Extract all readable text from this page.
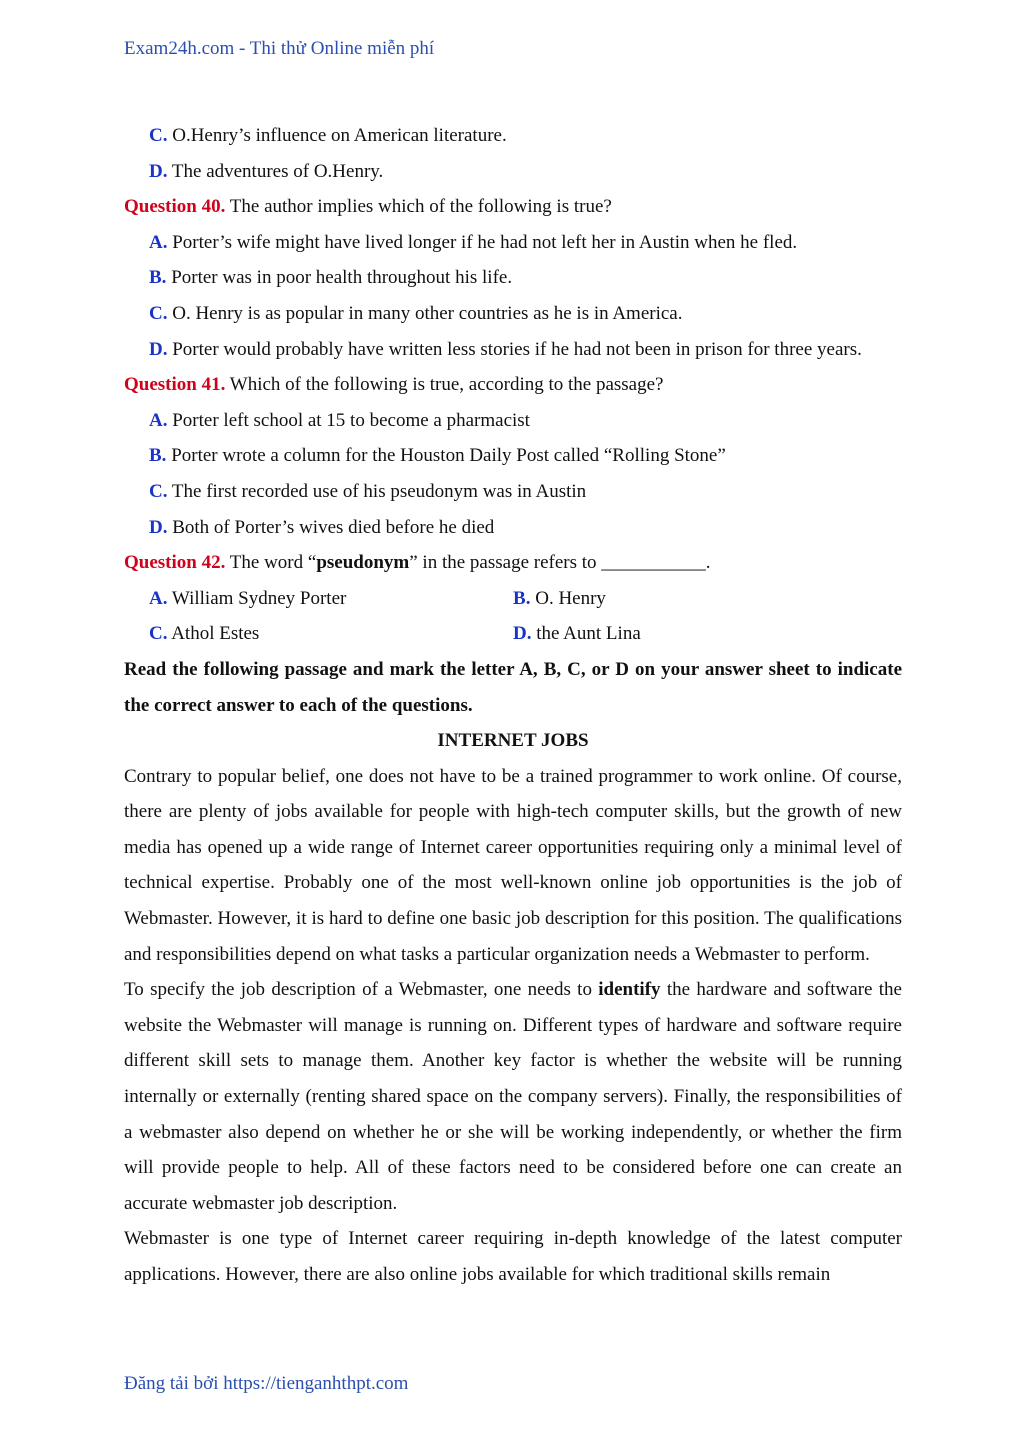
Exam24h.com - Thi thử Online miễn phí
C. O.Henry’s influence on American literature.
D. The adventures of O.Henry.
Question 40. The author implies which of the following is true?
A. Porter’s wife might have lived longer if he had not left her in Austin when he fled.
B. Porter was in poor health throughout his life.
C. O. Henry is as popular in many other countries as he is in America.
D. Porter would probably have written less stories if he had not been in prison for three years.
Question 41. Which of the following is true, according to the passage?
A. Porter left school at 15 to become a pharmacist
B. Porter wrote a column for the Houston Daily Post called “Rolling Stone”
C. The first recorded use of his pseudonym was in Austin
D. Both of Porter’s wives died before he died
Question 42. The word “pseudonym” in the passage refers to ___________.
A. William Sydney Porter	B. O. Henry
C. Athol Estes	D. the Aunt Lina
Read the following passage and mark the letter A, B, C, or D on your answer sheet to indicate the correct answer to each of the questions.
INTERNET JOBS
Contrary to popular belief, one does not have to be a trained programmer to work online. Of course, there are plenty of jobs available for people with high-tech computer skills, but the growth of new media has opened up a wide range of Internet career opportunities requiring only a minimal level of technical expertise. Probably one of the most well-known online job opportunities is the job of Webmaster. However, it is hard to define one basic job description for this position. The qualifications and responsibilities depend on what tasks a particular organization needs a Webmaster to perform.
To specify the job description of a Webmaster, one needs to identify the hardware and software the website the Webmaster will manage is running on. Different types of hardware and software require different skill sets to manage them. Another key factor is whether the website will be running internally or externally (renting shared space on the company servers). Finally, the responsibilities of a webmaster also depend on whether he or she will be working independently, or whether the firm will provide people to help. All of these factors need to be considered before one can create an accurate webmaster job description.
Webmaster is one type of Internet career requiring in-depth knowledge of the latest computer applications. However, there are also online jobs available for which traditional skills remain
Đăng tải bởi https://tienganhthpt.com
